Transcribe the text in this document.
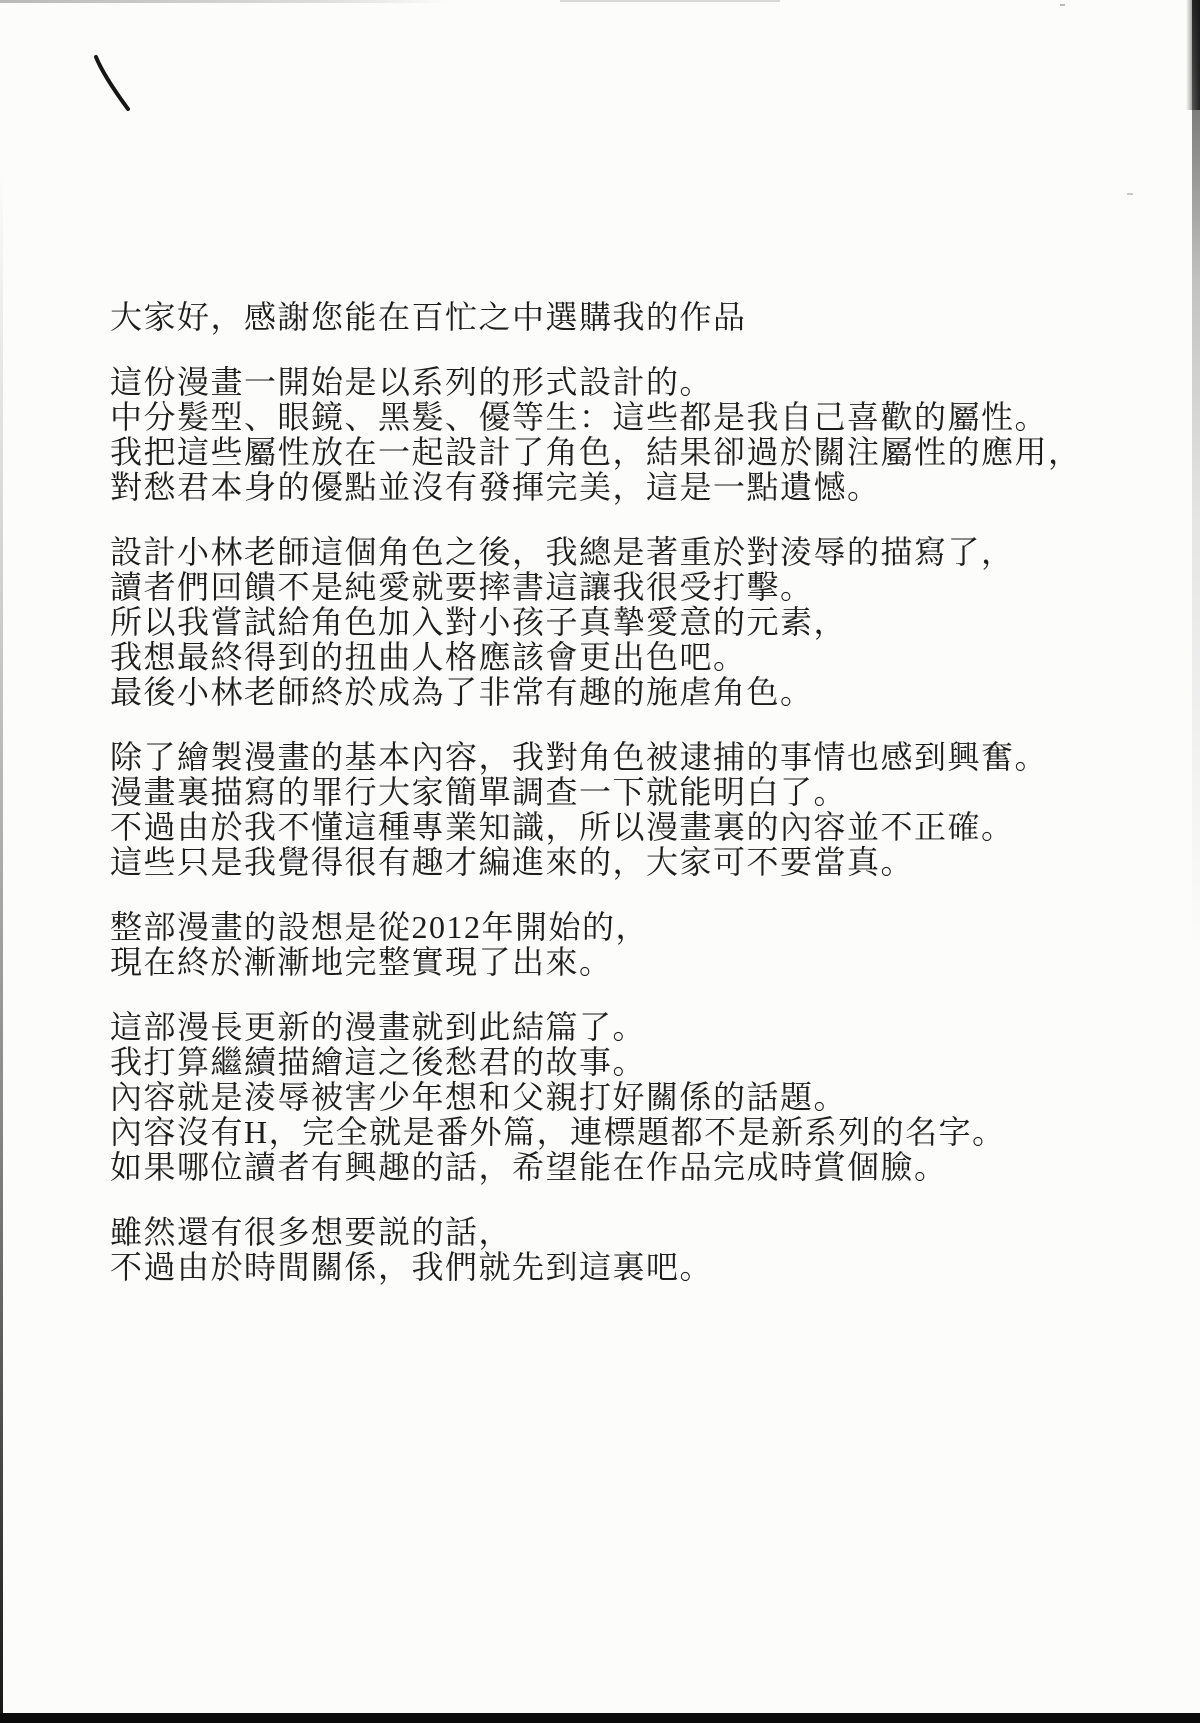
大家好，感謝您能在百忙之中選購我的作品
這份漫畫一開始是以系列的形式設計的。
中分髮型、眼鏡、黑髮、優等生：這些都是我自己喜歡的屬性。
我把這些屬性放在一起設計了角色，結果卻過於關注屬性的應用，
對愁君本身的優點並沒有發揮完美，這是一點遺憾。
設計小林老師這個角色之後，我總是著重於對淩辱的描寫了，
讀者們回饋不是純愛就要摔書這讓我很受打擊。
所以我嘗試給角色加入對小孩子真摯愛意的元素，
我想最終得到的扭曲人格應該會更出色吧。
最後小林老師終於成為了非常有趣的施虐角色。
除了繪製漫畫的基本內容，我對角色被逮捕的事情也感到興奮。
漫畫裏描寫的罪行大家簡單調查一下就能明白了。
不過由於我不懂這種專業知識，所以漫畫裏的內容並不正確。
這些只是我覺得很有趣才編進來的，大家可不要當真。
整部漫畫的設想是從2012年開始的，
現在終於漸漸地完整實現了出來。
這部漫長更新的漫畫就到此結篇了。
我打算繼續描繪這之後愁君的故事。
內容就是淩辱被害少年想和父親打好關係的話題。
內容沒有H，完全就是番外篇，連標題都不是新系列的名字。
如果哪位讀者有興趣的話，希望能在作品完成時賞個臉。
雖然還有很多想要説的話，
不過由於時間關係，我們就先到這裏吧。
